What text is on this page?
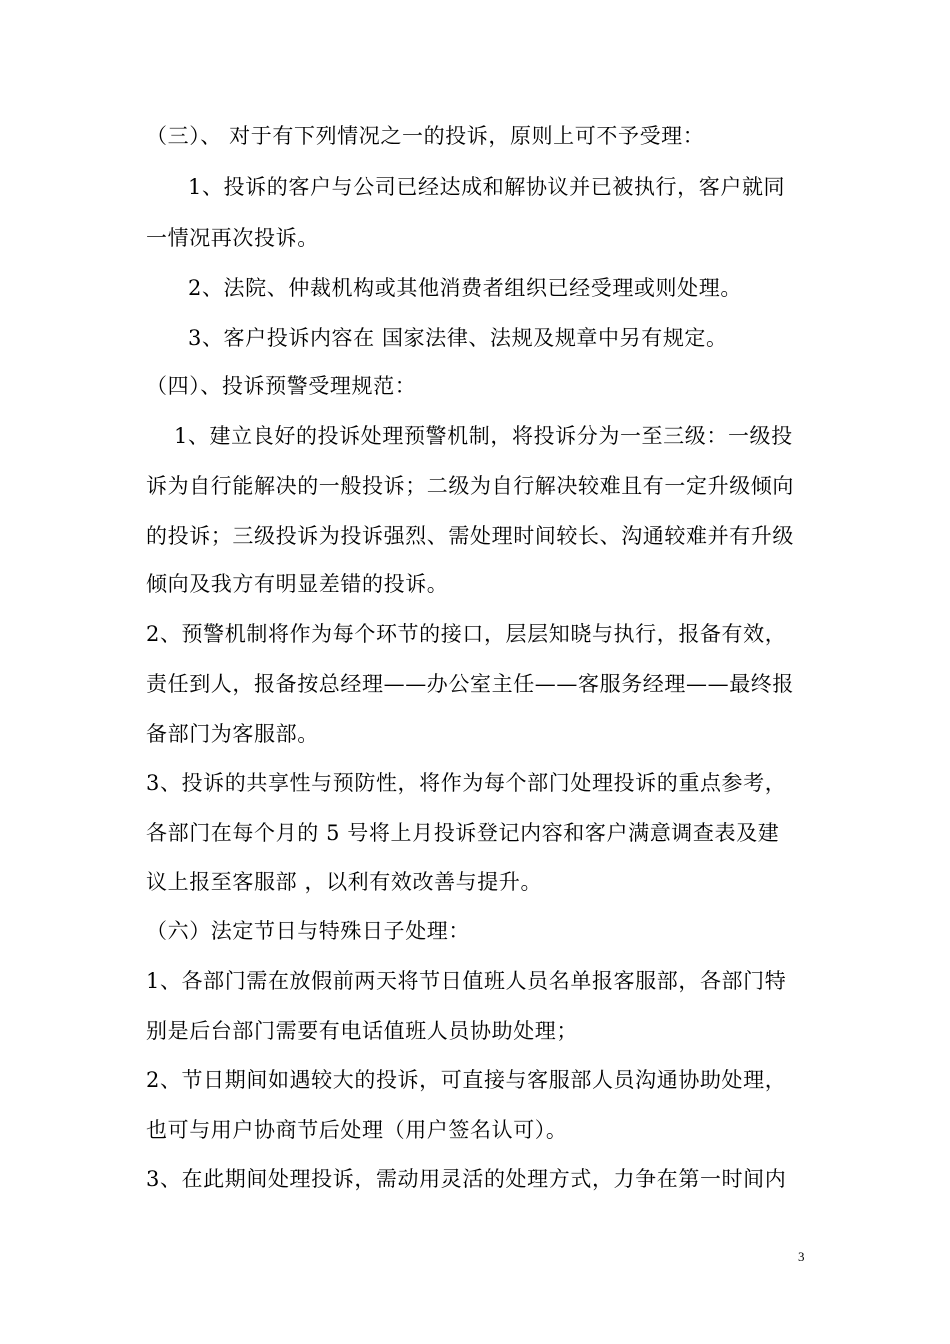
（三）、 对于有下列情况之一的投诉，原则上可不予受理：
1、投诉的客户与公司已经达成和解协议并已被执行，客户就同
一情况再次投诉。
2、法院、仲裁机构或其他消费者组织已经受理或则处理。
3、客户投诉内容在 国家法律、法规及规章中另有规定。
（四）、投诉预警受理规范：
1、建立良好的投诉处理预警机制，将投诉分为一至三级：一级投
诉为自行能解决的一般投诉；二级为自行解决较难且有一定升级倾向
的投诉；三级投诉为投诉强烈、需处理时间较长、沟通较难并有升级
倾向及我方有明显差错的投诉。
2、预警机制将作为每个环节的接口，层层知晓与执行，报备有效，
责任到人，报备按总经理——办公室主任——客服务经理——最终报
备部门为客服部。
3、投诉的共享性与预防性，将作为每个部门处理投诉的重点参考，
各部门在每个月的 5 号将上月投诉登记内容和客户满意调查表及建
议上报至客服部 ，以利有效改善与提升。
（六）法定节日与特殊日子处理：
1、各部门需在放假前两天将节日值班人员名单报客服部，各部门特
别是后台部门需要有电话值班人员协助处理；
2、节日期间如遇较大的投诉，可直接与客服部人员沟通协助处理，
也可与用户协商节后处理（用户签名认可）。
3、在此期间处理投诉，需动用灵活的处理方式，力争在第一时间内
3
